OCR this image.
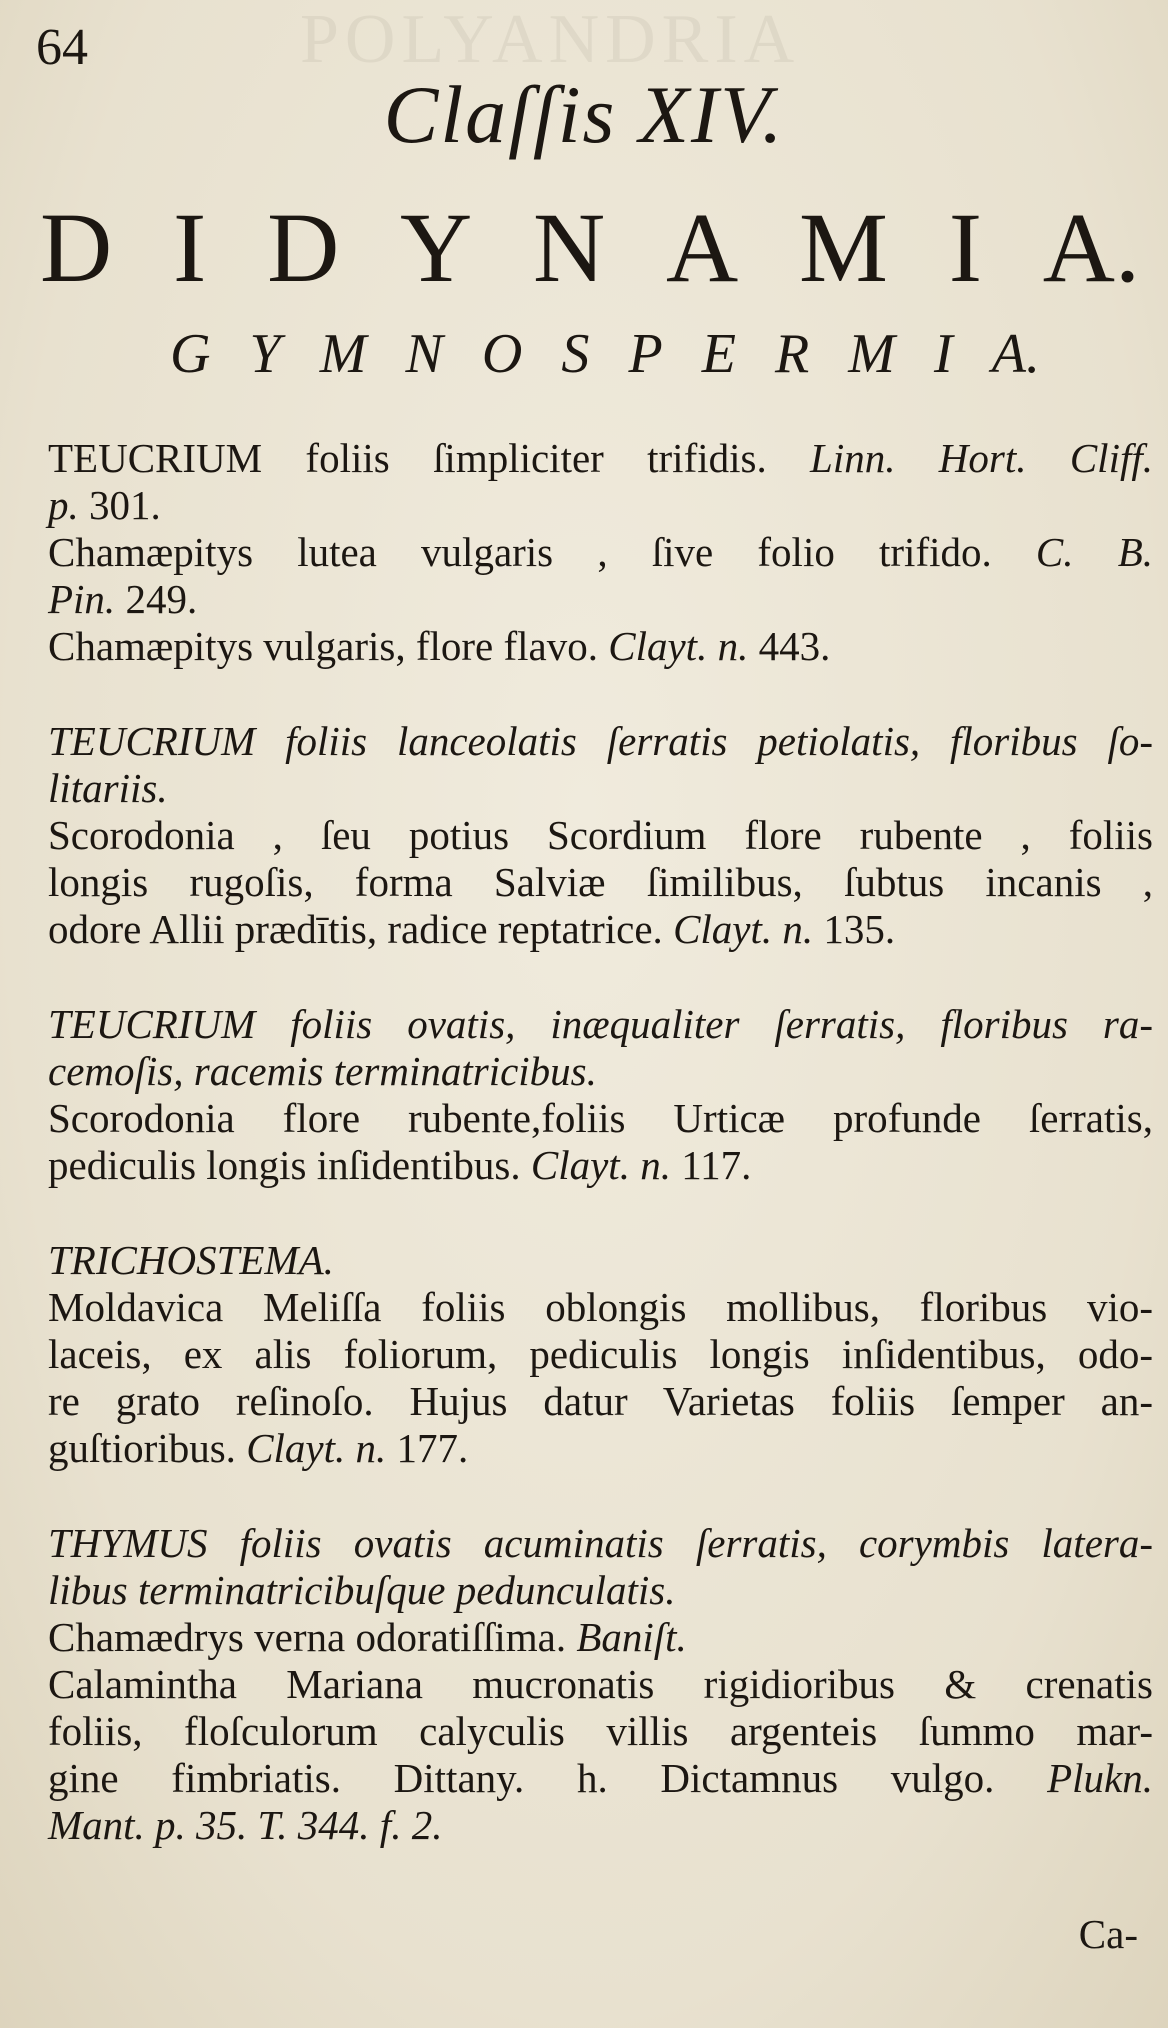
POLYANDRIA
64
Claſſis XIV.
D I D Y N A M I A.
G Y M N O S P E R M I A.
TEUCRIUM foliis ſimpliciter trifidis. Linn. Hort. Cliff.
p. 301.
Chamæpitys lutea vulgaris , ſive folio trifido. C. B.
Pin. 249.
Chamæpitys vulgaris, flore flavo. Clayt. n. 443.
TEUCRIUM foliis lanceolatis ſerratis petiolatis, floribus ſo-
litariis.
Scorodonia , ſeu potius Scordium flore rubente , foliis
longis rugoſis, forma Salviæ ſimilibus, ſubtus incanis ,
odore Allii prædītis, radice reptatrice. Clayt. n. 135.
TEUCRIUM foliis ovatis, inæqualiter ſerratis, floribus ra-
cemoſis, racemis terminatricibus.
Scorodonia flore rubente,foliis Urticæ profunde ſerratis,
pediculis longis inſidentibus. Clayt. n. 117.
TRICHOSTEMA.
Moldavica Meliſſa foliis oblongis mollibus, floribus vio-
laceis, ex alis foliorum, pediculis longis inſidentibus, odo-
re grato reſinoſo. Hujus datur Varietas foliis ſemper an-
guſtioribus. Clayt. n. 177.
THYMUS foliis ovatis acuminatis ſerratis, corymbis latera-
libus terminatricibuſque pedunculatis.
Chamædrys verna odoratiſſima. Baniſt.
Calamintha Mariana mucronatis rigidioribus & crenatis
foliis, floſculorum calyculis villis argenteis ſummo mar-
gine fimbriatis. Dittany. h. Dictamnus vulgo. Plukn.
Mant. p. 35. T. 344. f. 2.
Ca-
